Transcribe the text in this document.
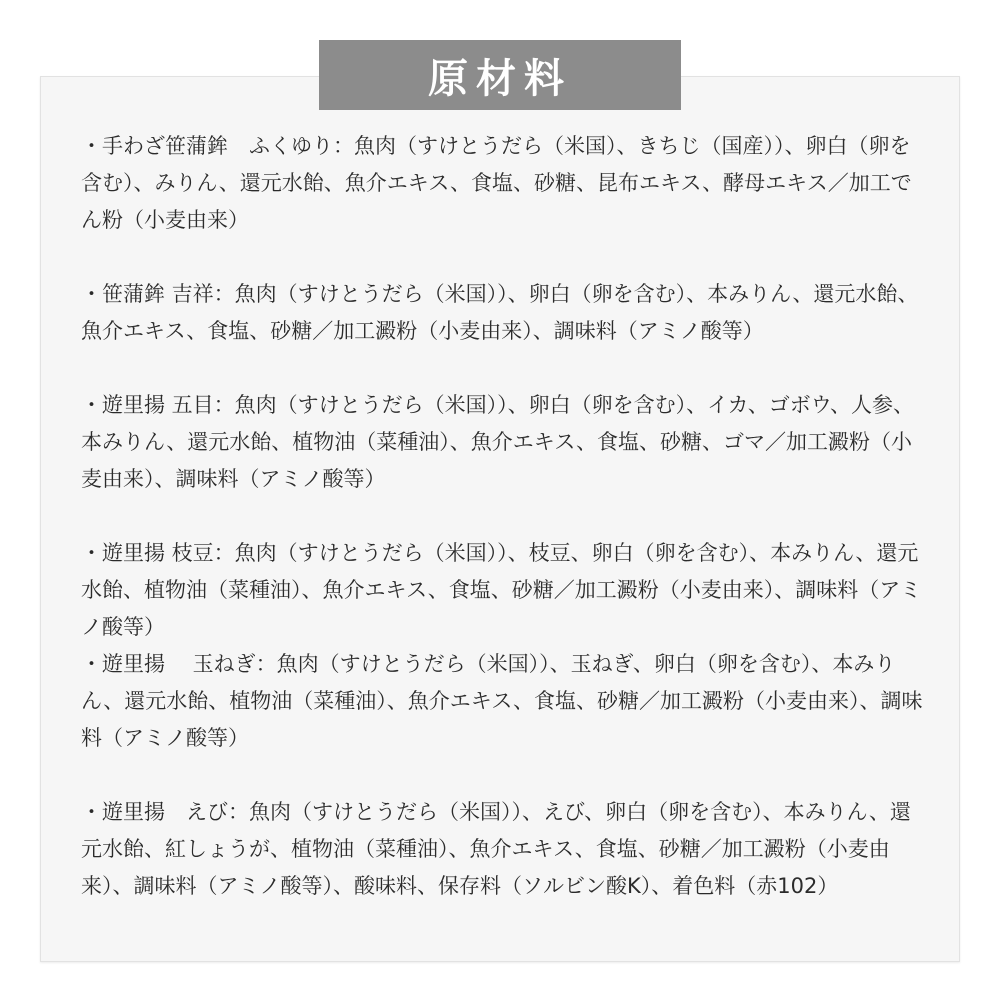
原材料

・手わざ笹蒲鉾　ふくゆり：魚肉（すけとうだら（米国）、きちじ（国産））、卵白（卵を含む）、みりん、還元水飴、魚介エキス、食塩、砂糖、昆布エキス、酵母エキス／加工でん粉（小麦由来）

・笹蒲鉾 吉祥：魚肉（すけとうだら（米国））、卵白（卵を含む）、本みりん、還元水飴、魚介エキス、食塩、砂糖／加工澱粉（小麦由来）、調味料（アミノ酸等）

・遊里揚 五目：魚肉（すけとうだら（米国））、卵白（卵を含む）、イカ、ゴボウ、人参、本みりん、還元水飴、植物油（菜種油）、魚介エキス、食塩、砂糖、ゴマ／加工澱粉（小麦由来）、調味料（アミノ酸等）

・遊里揚 枝豆：魚肉（すけとうだら（米国））、枝豆、卵白（卵を含む）、本みりん、還元水飴、植物油（菜種油）、魚介エキス、食塩、砂糖／加工澱粉（小麦由来）、調味料（アミノ酸等）

・遊里揚　 玉ねぎ：魚肉（すけとうだら（米国））、玉ねぎ、卵白（卵を含む）、本みりん、還元水飴、植物油（菜種油）、魚介エキス、食塩、砂糖／加工澱粉（小麦由来）、調味料（アミノ酸等）

・遊里揚　えび：魚肉（すけとうだら（米国））、えび、卵白（卵を含む）、本みりん、還元水飴、紅しょうが、植物油（菜種油）、魚介エキス、食塩、砂糖／加工澱粉（小麦由来）、調味料（アミノ酸等）、酸味料、保存料（ソルビン酸K）、着色料（赤102）
